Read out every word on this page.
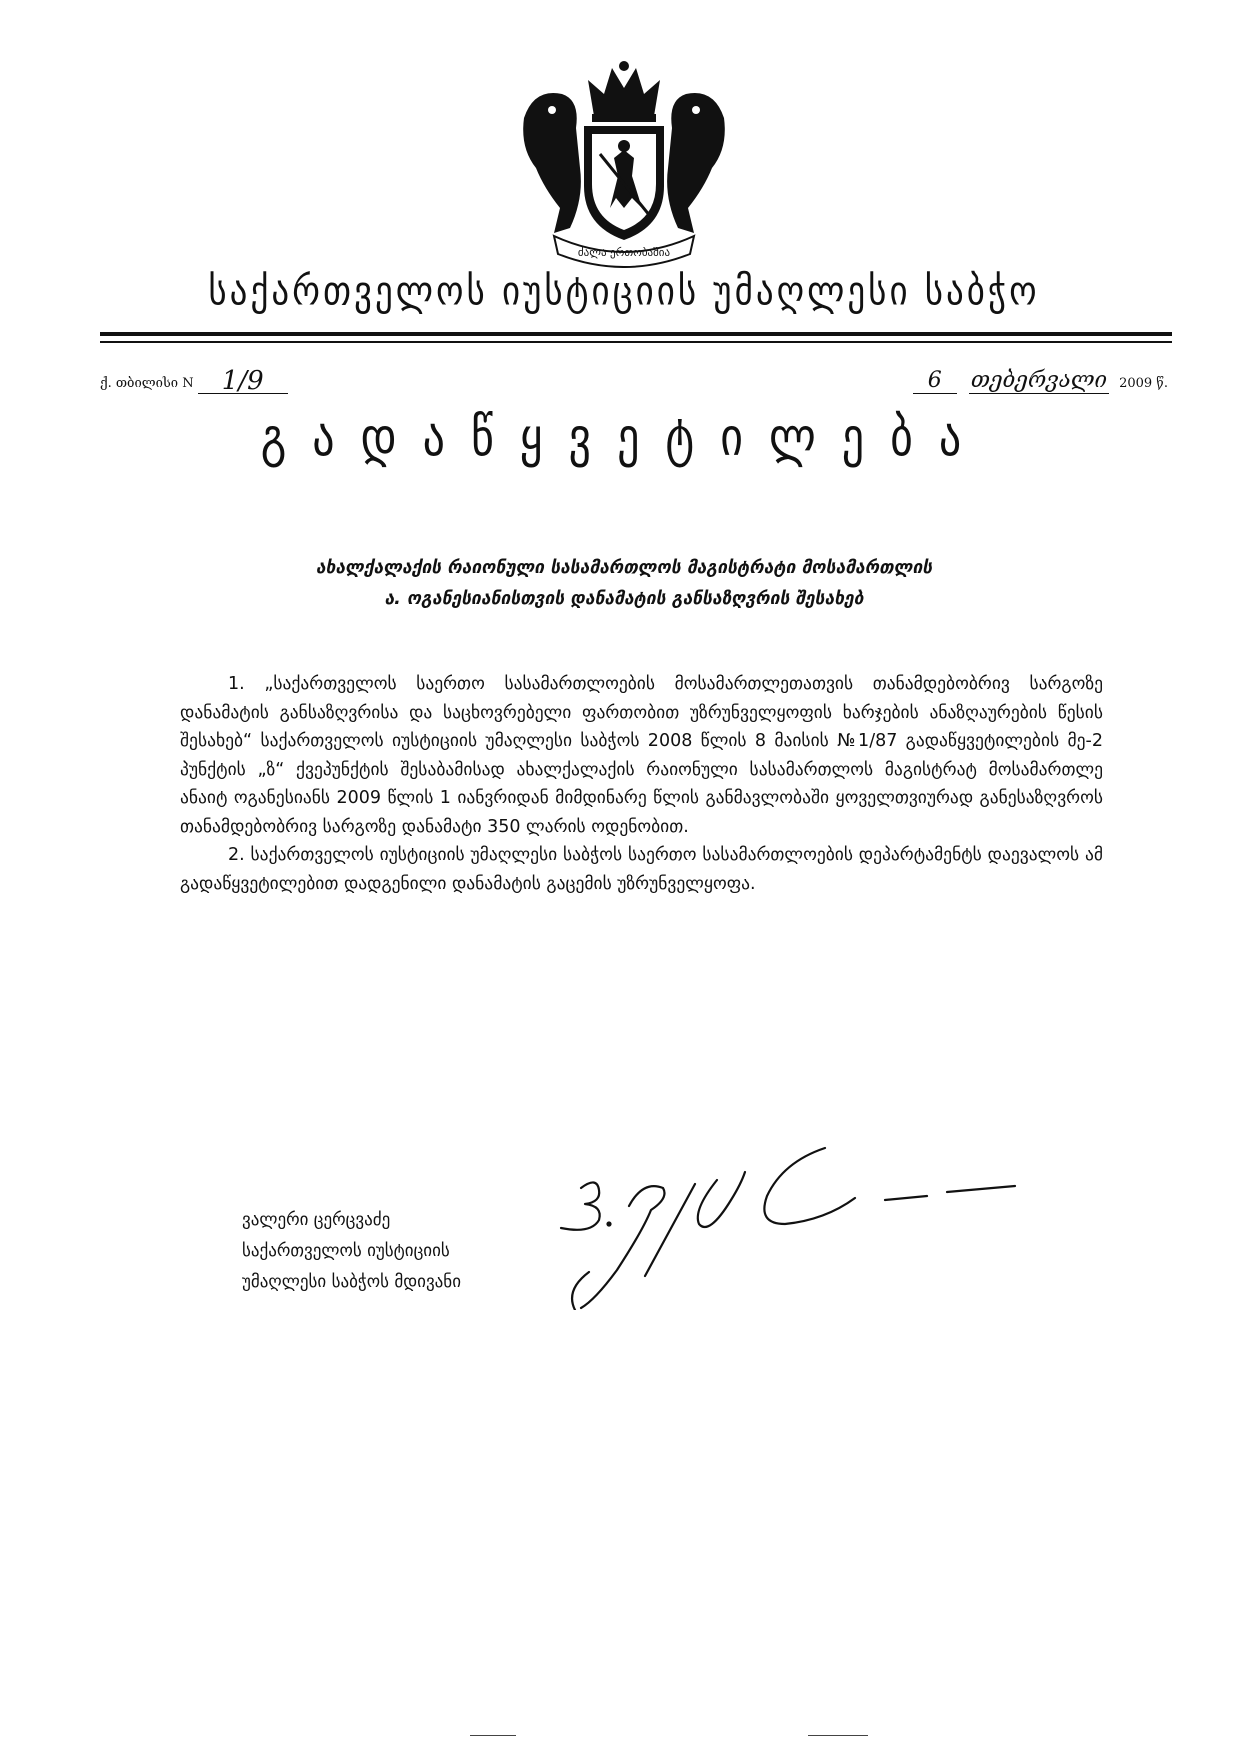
ძალა ერთობაშია
საქართველოს იუსტიციის უმაღლესი საბჭო
ქ. თბილისი N 1/9	6 თებერვალი 2009 წ.
გადაწყვეტილება
ახალქალაქის რაიონული სასამართლოს მაგისტრატი მოსამართლის
ა. ოგანესიანისთვის დანამატის განსაზღვრის შესახებ

1. „საქართველოს საერთო სასამართლოების მოსამართლეთათვის თანამდებობრივ სარგოზე დანამატის განსაზღვრისა და საცხოვრებელი ფართობით უზრუნველყოფის ხარჯების ანაზღაურების წესის შესახებ“ საქართველოს იუსტიციის უმაღლესი საბჭოს 2008 წლის 8 მაისის №1/87 გადაწყვეტილების მე-2 პუნქტის „ზ“ ქვეპუნქტის შესაბამისად ახალქალაქის რაიონული სასამართლოს მაგისტრატ მოსამართლე ანაიტ ოგანესიანს 2009 წლის 1 იანვრიდან მიმდინარე წლის განმავლობაში ყოველთვიურად განესაზღვროს თანამდებობრივ სარგოზე დანამატი 350 ლარის ოდენობით.

2. საქართველოს იუსტიციის უმაღლესი საბჭოს საერთო სასამართლოების დეპარტამენტს დაევალოს ამ გადაწყვეტილებით დადგენილი დანამატის გაცემის უზრუნველყოფა.

ვალერი ცერცვაძე
საქართველოს იუსტიციის
უმაღლესი საბჭოს მდივანი
